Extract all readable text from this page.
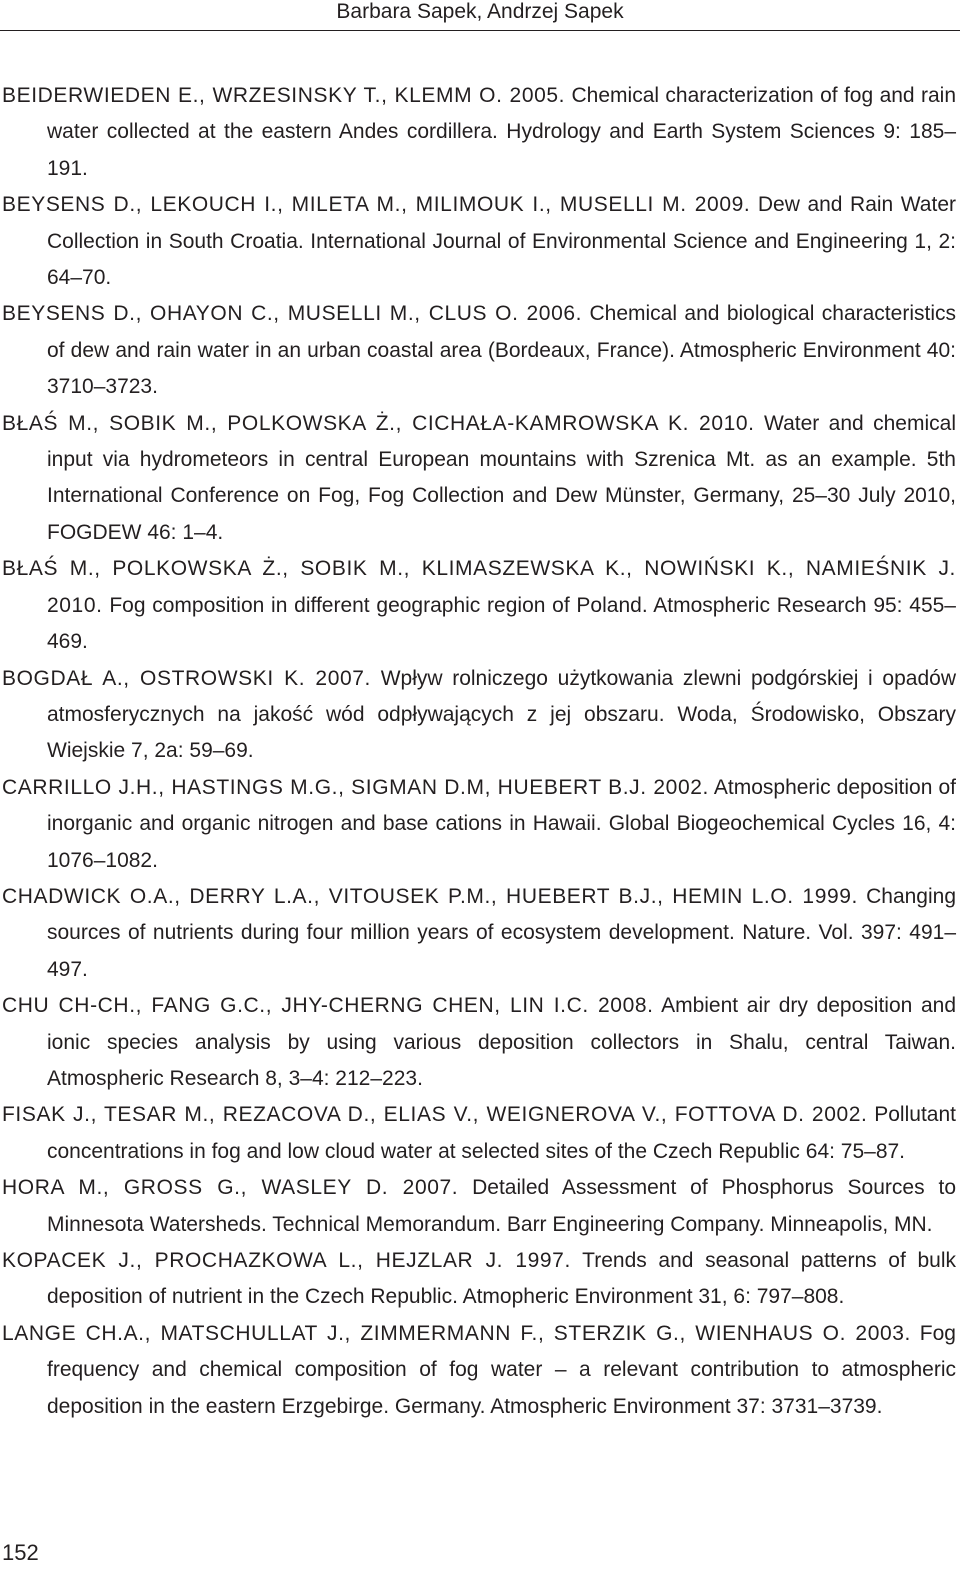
Barbara Sapek, Andrzej Sapek

BEIDERWIEDEN E., WRZESINSKY T., KLEMM O. 2005. Chemical characterization of fog and rain water collected at the eastern Andes cordillera. Hydrology and Earth System Sciences 9: 185–191.

BEYSENS D., LEKOUCH I., MILETA M., MILIMOUK I., MUSELLI M. 2009. Dew and Rain Water Collection in South Croatia. International Journal of Environmental Science and Engineering 1, 2: 64–70.

BEYSENS D., OHAYON C., MUSELLI M., CLUS O. 2006. Chemical and biological characteristics of dew and rain water in an urban coastal area (Bordeaux, France). Atmospheric Environment 40: 3710–3723.

BŁAŚ M., SOBIK M., POLKOWSKA Ż., CICHAŁA-KAMROWSKA K. 2010. Water and chemical input via hydrometeors in central European mountains with Szrenica Mt. as an example. 5th International Conference on Fog, Fog Collection and Dew Münster, Germany, 25–30 July 2010, FOGDEW 46: 1–4.

BŁAŚ M., POLKOWSKA Ż., SOBIK M., KLIMASZEWSKA K., NOWIŃSKI K., NAMIEŚNIK J. 2010. Fog composition in different geographic region of Poland. Atmospheric Research 95: 455–469.

BOGDAŁ A., OSTROWSKI K. 2007. Wpływ rolniczego użytkowania zlewni podgórskiej i opadów atmosferycznych na jakość wód odpływających z jej obszaru. Woda, Środowisko, Obszary Wiejskie 7, 2a: 59–69.

CARRILLO J.H., HASTINGS M.G., SIGMAN D.M, HUEBERT B.J. 2002. Atmospheric deposition of inorganic and organic nitrogen and base cations in Hawaii. Global Biogeochemical Cycles 16, 4: 1076–1082.

CHADWICK O.A., DERRY L.A., VITOUSEK P.M., HUEBERT B.J., HEMIN L.O. 1999. Changing sources of nutrients during four million years of ecosystem development. Nature. Vol. 397: 491–497.

CHU CH-CH., FANG G.C., JHY-CHERNG CHEN, LIN I.C. 2008. Ambient air dry deposition and ionic species analysis by using various deposition collectors in Shalu, central Taiwan. Atmospheric Research 8, 3–4: 212–223.

FISAK J., TESAR M., REZACOVA D., ELIAS V., WEIGNEROVA V., FOTTOVA D. 2002. Pollutant concentrations in fog and low cloud water at selected sites of the Czech Republic 64: 75–87.

HORA M., GROSS G., WASLEY D. 2007. Detailed Assessment of Phosphorus Sources to Minnesota Watersheds. Technical Memorandum. Barr Engineering Company. Minneapolis, MN.

KOPACEK J., PROCHAZKOWA L., HEJZLAR J. 1997. Trends and seasonal patterns of bulk deposition of nutrient in the Czech Republic. Atmopheric Environment 31, 6: 797–808.

LANGE CH.A., MATSCHULLAT J., ZIMMERMANN F., STERZIK G., WIENHAUS O. 2003. Fog frequency and chemical composition of fog water – a relevant contribution to atmospheric deposition in the eastern Erzgebirge. Germany. Atmospheric Environment 37: 3731–3739.

152
